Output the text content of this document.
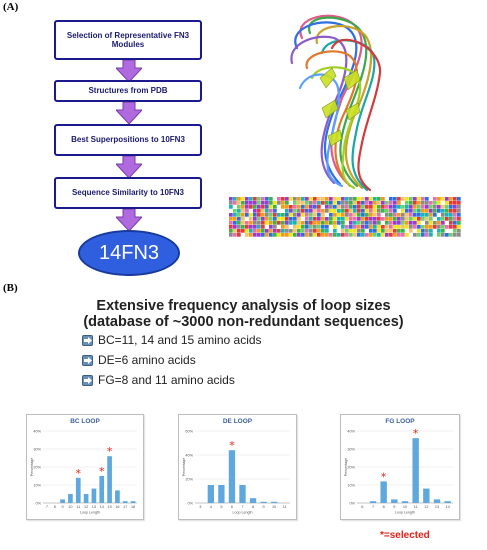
(A)
Selection of Representative FN3 Modules
Structures from PDB
Best Superpositions to 10FN3
Sequence Similarity to 10FN3
14FN3
(B)
Extensive frequency analysis of loop sizes
(database of ~3000 non-redundant sequences)
BC=11, 14 and 15 amino acids
DE=6 amino acids
FG=8 and 11 amino acids
BC LOOP
0%
10%
20%
30%
40%
Percentage
7 8 9 10 11
*
12 13 14
*
15
*
16 17 18
Loop Length
DE LOOP
0%
20%
40%
60%
Percentage
3 4 5 6
*
7 8 9 10 11
Loop Length
FG LOOP
0%
10%
20%
30%
40%
Percentage
6 7 8
*
9 10 11
*
12 13 14
Loop Length
*=selected
